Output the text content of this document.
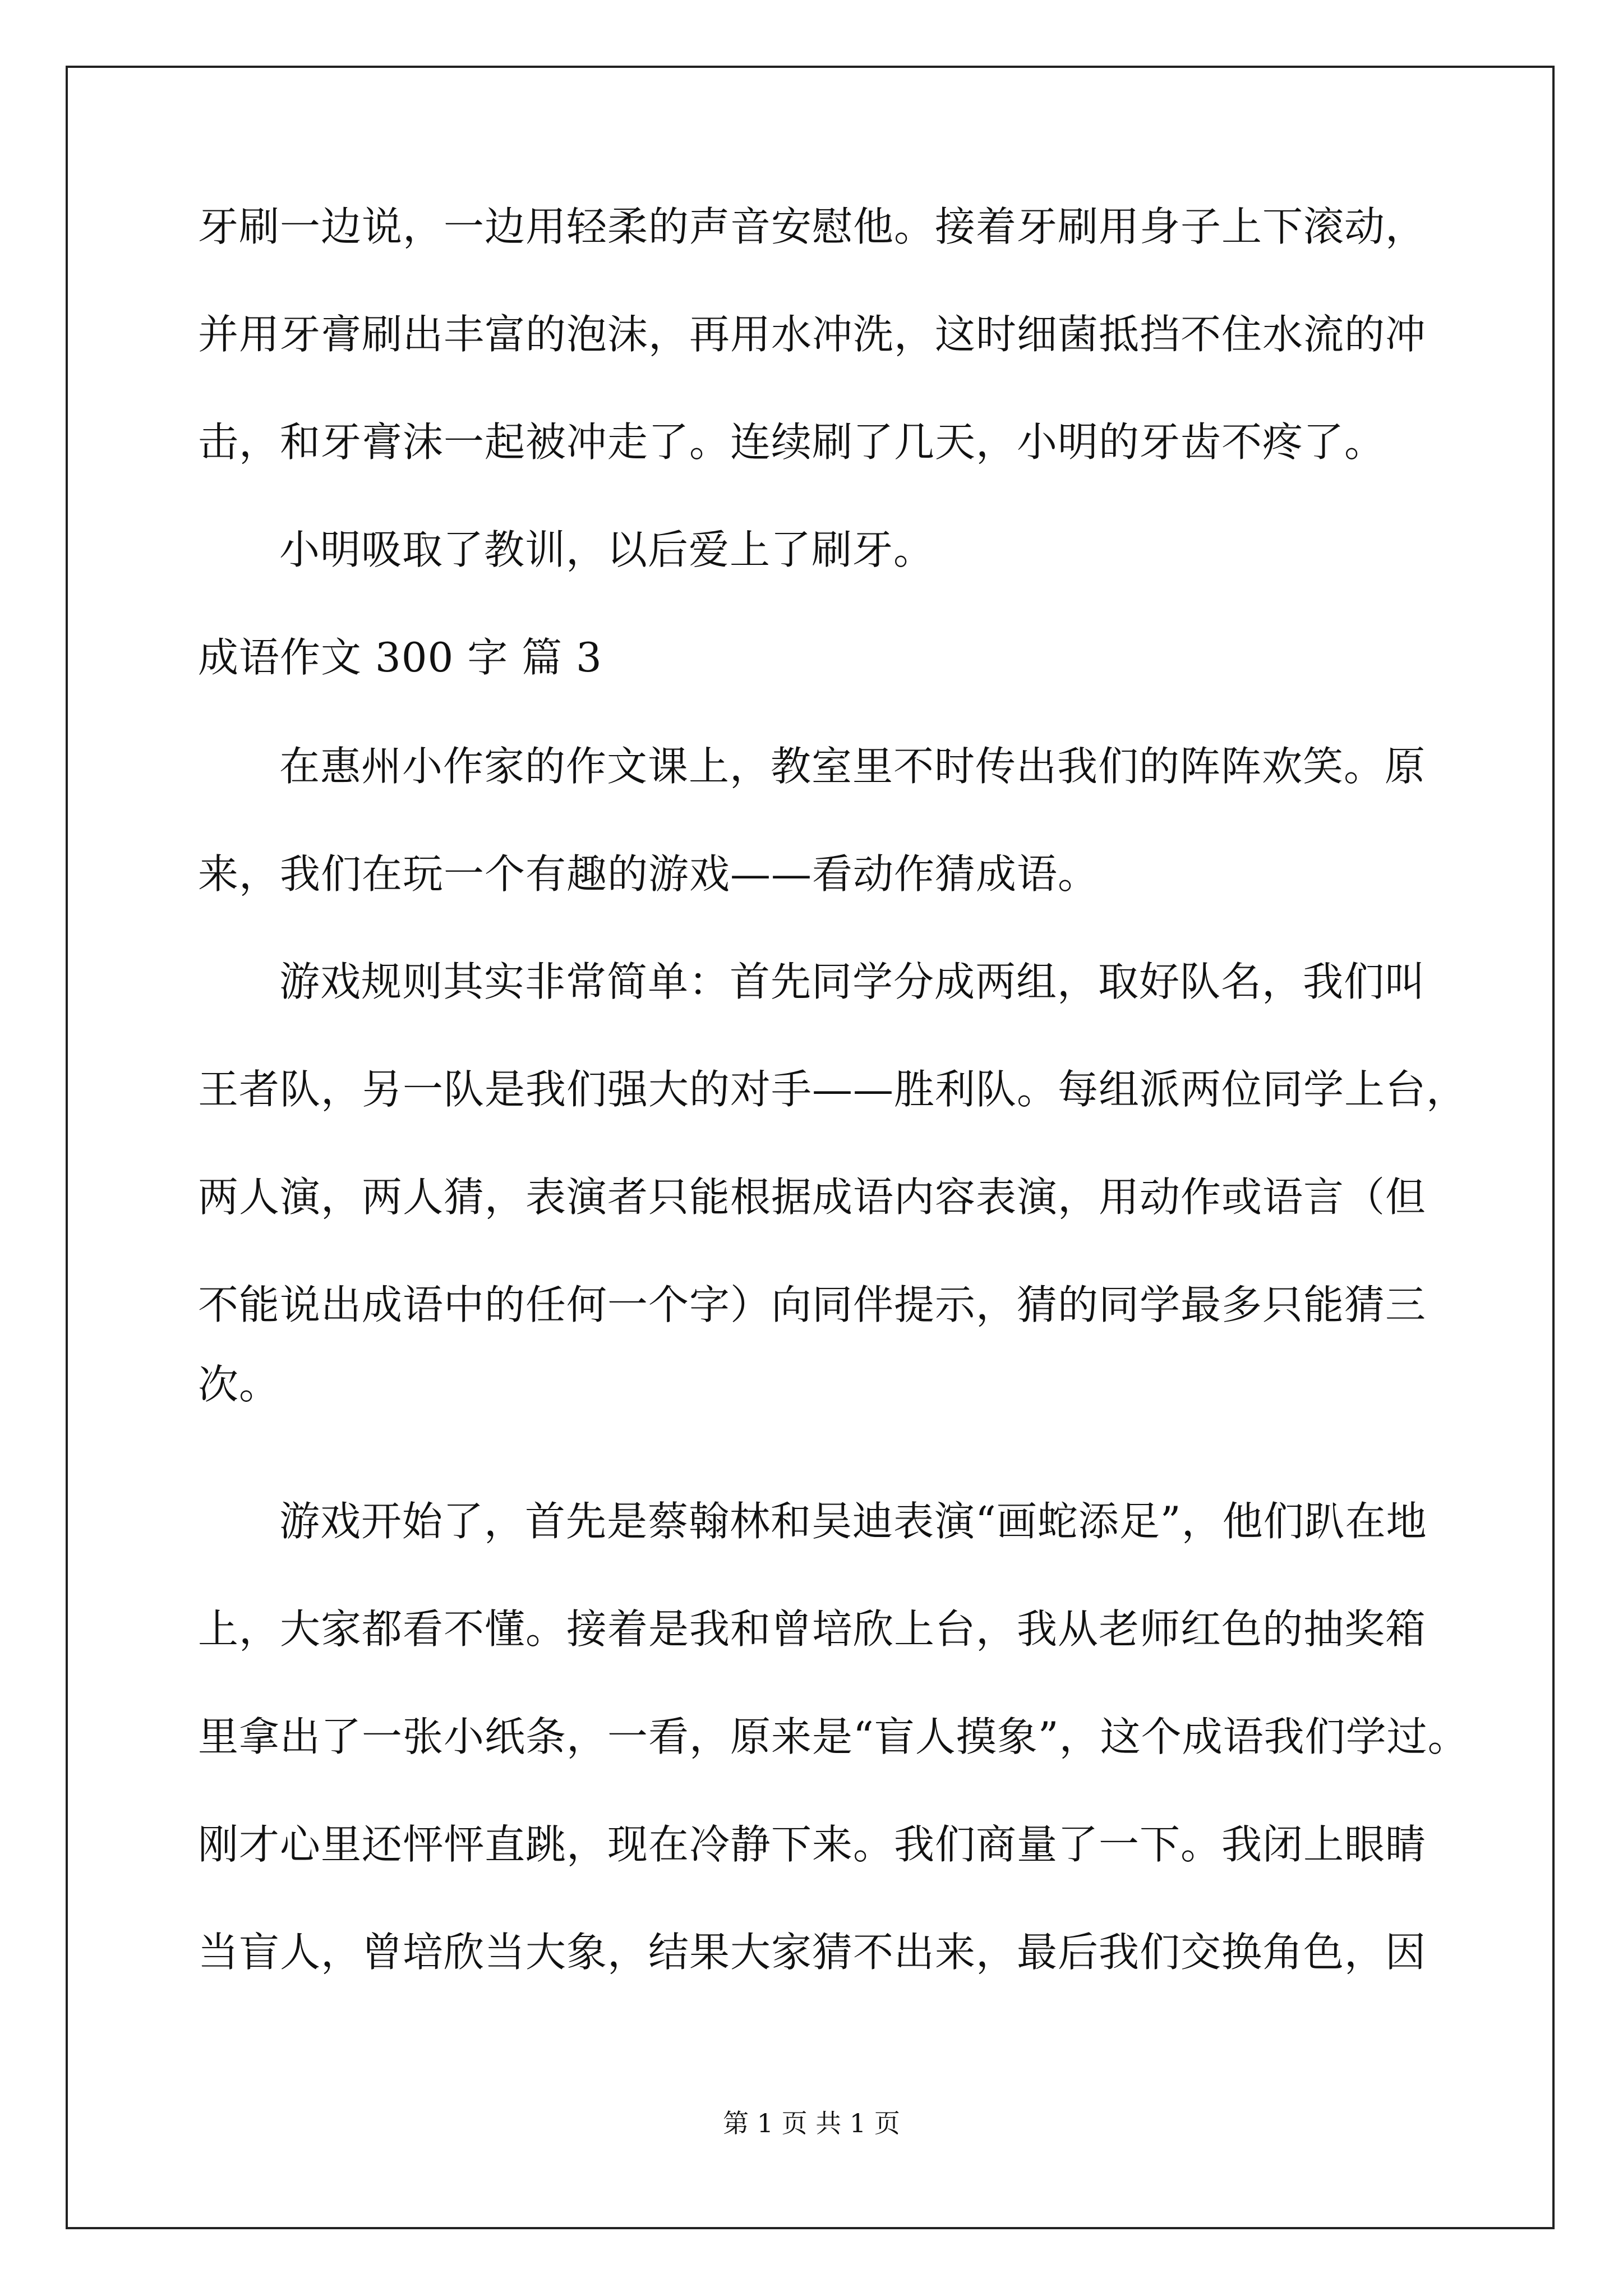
牙刷一边说，一边用轻柔的声音安慰他。接着牙刷用身子上下滚动，
并用牙膏刷出丰富的泡沫，再用水冲洗，这时细菌抵挡不住水流的冲
击，和牙膏沫一起被冲走了。连续刷了几天，小明的牙齿不疼了。
小明吸取了教训，以后爱上了刷牙。
成语作文 300 字 篇 3
在惠州小作家的作文课上，教室里不时传出我们的阵阵欢笑。原
来，我们在玩一个有趣的游戏——看动作猜成语。
游戏规则其实非常简单：首先同学分成两组，取好队名，我们叫
王者队，另一队是我们强大的对手——胜利队。每组派两位同学上台，
两人演，两人猜，表演者只能根据成语内容表演，用动作或语言（但
不能说出成语中的任何一个字）向同伴提示，猜的同学最多只能猜三
次。
游戏开始了，首先是蔡翰林和吴迪表演“画蛇添足”，他们趴在地
上，大家都看不懂。接着是我和曾培欣上台，我从老师红色的抽奖箱
里拿出了一张小纸条，一看，原来是“盲人摸象”，这个成语我们学过。
刚才心里还怦怦直跳，现在冷静下来。我们商量了一下。我闭上眼睛
当盲人，曾培欣当大象，结果大家猜不出来，最后我们交换角色，因
第 1 页 共 1 页
